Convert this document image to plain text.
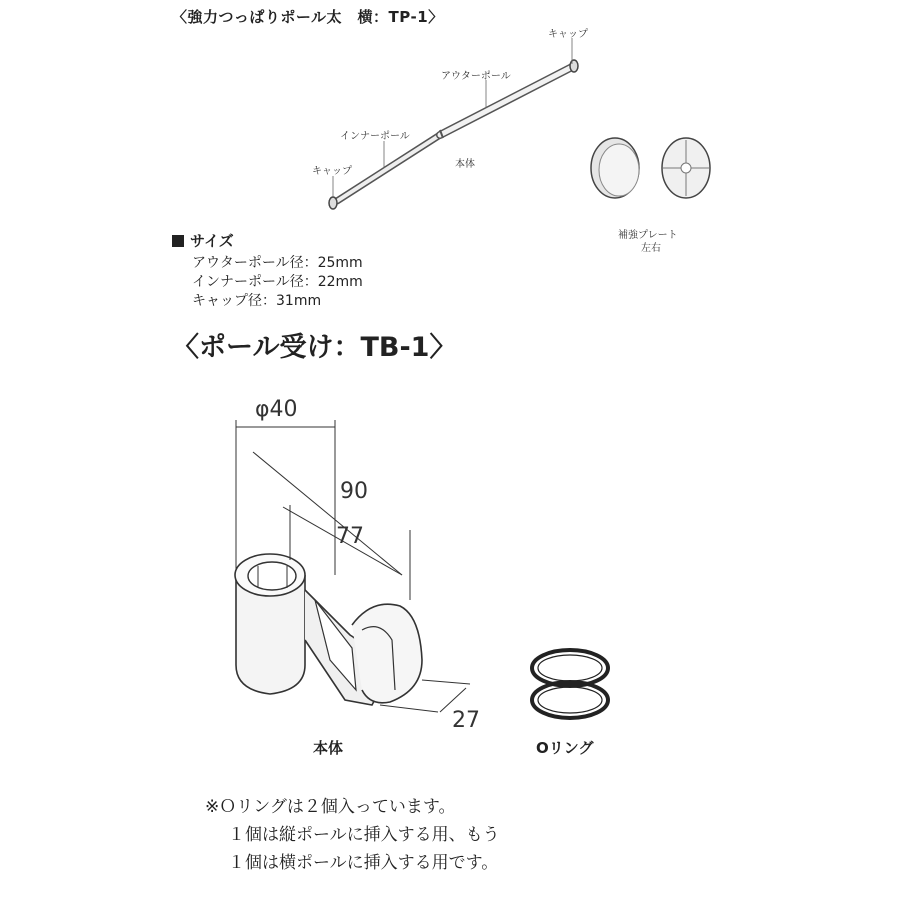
〈強力つっぱりポール太　横：TP-1〉
φ40
90
77
27
キャップ
アウターポール
インナーポール
キャップ
本体
補強プレート
左右
サイズ
アウターポール径：25mm
インナーポール径：22mm
キャップ径：31mm
〈ポール受け：TB-1〉
本体	Oリング
※Ｏリングは２個入っています。
１個は縦ポールに挿入する用、もう
１個は横ポールに挿入する用です。
